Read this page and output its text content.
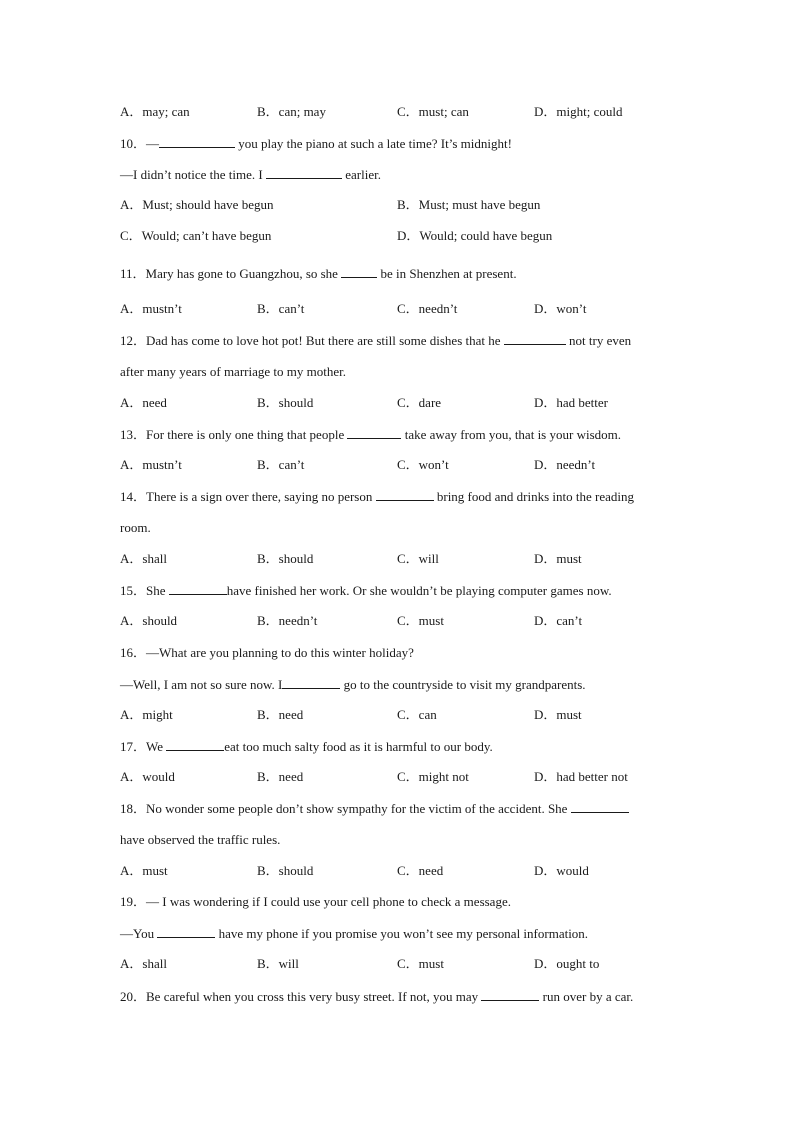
A．may; can	B．can; may	C．must; can	D．might; could
10．—	you play the piano at such a late time? It’s midnight!
—I didn’t notice the time. I	earlier.
A．Must; should have begun	B．Must; must have begun
C．Would; can’t have begun	D．Would; could have begun
11．Mary has gone to Guangzhou, so she	be in Shenzhen at present.
A．mustn’t	B．can’t	C．needn’t	D．won’t
12．Dad has come to love hot pot! But there are still some dishes that he	not try even
after many years of marriage to my mother.
A．need	B．should	C．dare	D．had better
13．For there is only one thing that people	take away from you, that is your wisdom.
A．mustn’t	B．can’t	C．won’t	D．needn’t
14．There is a sign over there, saying no person	bring food and drinks into the reading
room.
A．shall	B．should	C．will	D．must
15．She	have finished her work. Or she wouldn’t be playing computer games now.
A．should	B．needn’t	C．must	D．can’t
16．—What are you planning to do this winter holiday?
—Well, I am not so sure now. I	go to the countryside to visit my grandparents.
A．might	B．need	C．can	D．must
17．We	eat too much salty food as it is harmful to our body.
A．would	B．need	C．might not	D．had better not
18．No wonder some people don’t show sympathy for the victim of the accident. She
have observed the traffic rules.
A．must	B．should	C．need	D．would
19．— I was wondering if I could use your cell phone to check a message.
—You	have my phone if you promise you won’t see my personal information.
A．shall	B．will	C．must	D．ought to
20．Be careful when you cross this very busy street. If not, you may	run over by a car.
